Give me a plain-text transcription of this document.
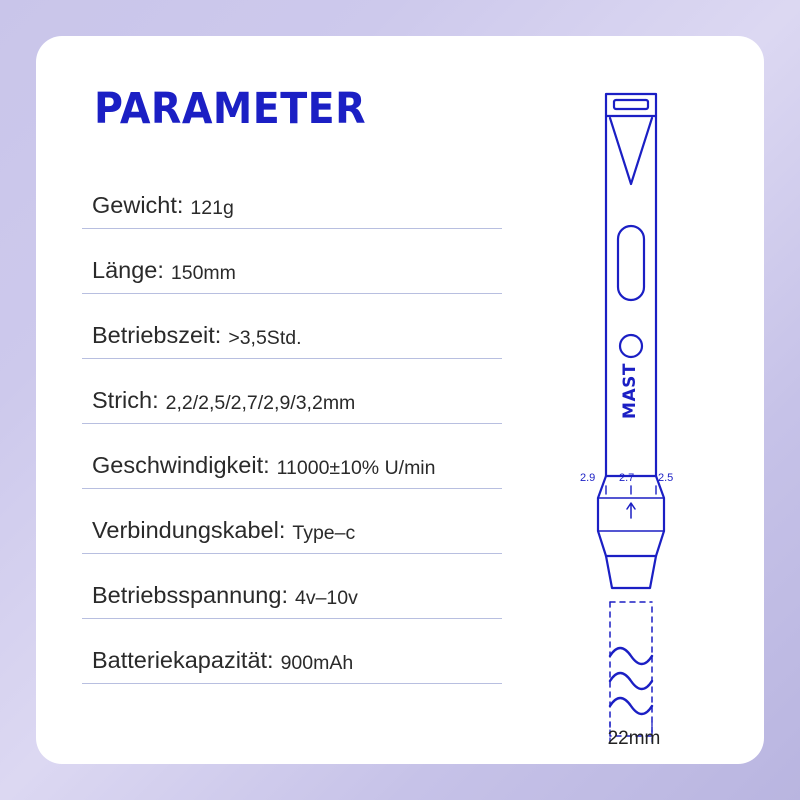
PARAMETER
Gewicht: 121g
Länge: 150mm
Betriebszeit: >3,5Std.
Strich: 2,2/2,5/2,7/2,9/3,2mm
Geschwindigkeit: 11000±10% U/min
Verbindungskabel: Type–c
Betriebsspannung: 4v–10v
Batteriekapazität: 900mAh
MAST
2.9 2.7 2.5
22mm
